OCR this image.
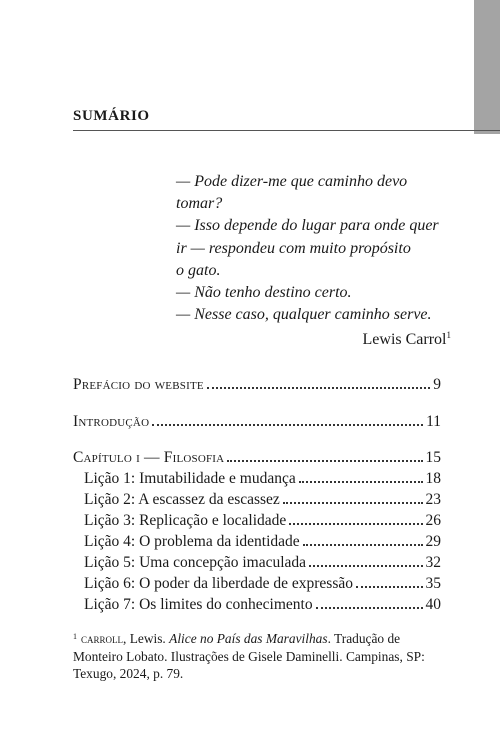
SUMÁRIO
— Pode dizer-me que caminho devo
tomar?
— Isso depende do lugar para onde quer
ir — respondeu com muito propósito
o gato.
— Não tenho destino certo.
— Nesse caso, qualquer caminho serve.
Lewis Carrol$^1$
Prefácio do website	9
Introdução	11
Capítulo i — Filosofia	15
Lição 1: Imutabilidade e mudança	18
Lição 2: A escassez da escassez	23
Lição 3: Replicação e localidade	26
Lição 4: O problema da identidade	29
Lição 5: Uma concepção imaculada	32
Lição 6: O poder da liberdade de expressão	35
Lição 7: Os limites do conhecimento	40
$^1$ carroll, Lewis. Alice no País das Maravilhas. Tradução de Monteiro Lobato. Ilustrações de Gisele Daminelli. Campinas, SP: Texugo, 2024, p. 79.
